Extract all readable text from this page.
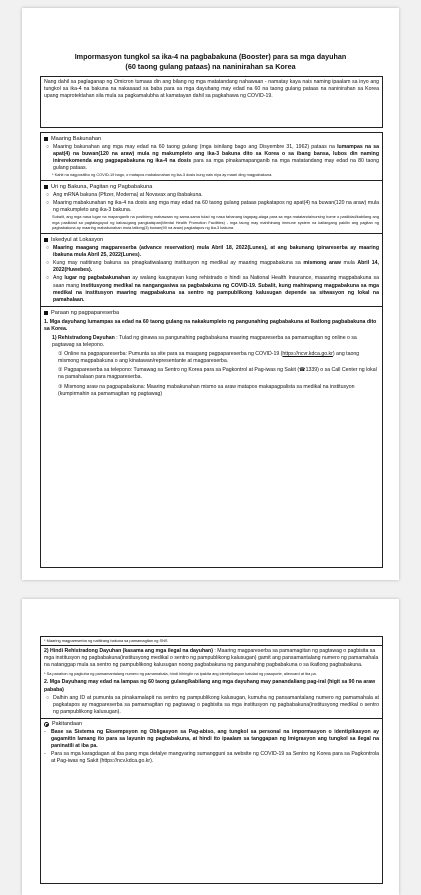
Impormasyon tungkol sa ika-4 na pagbabakuna (Booster) para sa mga dayuhan
(60 taong gulang pataas) na naninirahan sa Korea
Nang dahil sa paglaganap ng Omicron tumaas din ang bilang ng mga matatandang nahawaan - namatay kaya nais naming ipaalam sa inyo ang tungkol sa ika-4 na bakuna na nakasaad sa baba para sa mga dayuhang may edad na 60 na taong gulang pataas na naninirahan sa Korea upang maprotektahan sila mula sa pagkamalubha at kamatayan dahil sa pagkahawa ng COVID-19.
Maaring Bakunahan
○ Maaring bakunahan ang mga may edad na 60 taong gulang (mga isinilang bago ang Disyembre 31, 1962) pataas na lumampas na sa apat(4) na buwan(120 na araw) mula ng makumpleto ang ika-3 bakuna dito sa Korea o sa ibang bansa, lubos din naming inirerekomenda ang pagpapabakuna ng ika-4 na dosis para sa mga pinakamapanganib na mga matatandang may edad na 80 taong gulang pataas.
* Kahit na nagpositibo ng COVID-19 bago, o matapos mabakunahan ng ika-3 dosis kung nais niya ay maari ding magpabakuna.
Uri ng Bakuna, Pagitan ng Pagbabakuna
○ Ang mRNA bakuna (Pfizer, Moderna) at Novavax ang ibabakuna.
○ Maaring mabakunahan ng ika-4 na dosis ang mga may edad na 60 taong gulang pataas pagkatapos ng apat(4) na buwan(120 na araw) mula ng makumpleto ang ika-3 bakuna.
Subalit, ang mga nasa lugar na mapanganib na posibleng mahawaan ng sama-sama tulad ng nasa tahanang tagapag-alaga para sa mga matatanda/nursing home o pasilidad/kabilang ang mga pasilidad sa pagtataguyod ng kalusugang pangkaisipan(Mental Health Promotion Facilities) - mga taong may mahihinang immune system na kailangang pakilin ang pagitan ng pagbabakuna ay maaring mabakunahan mula tatlong(3) buwan(90 na araw) pagkatapos ng ika-3 bakuna.
Iskedyul at Lokasyon
○ Maaring maagang magpareserba (advance reservation) mula Abril 18, 2022(Lunes), at ang bakunang ipinareserba ay maaring ibakuna mula Abril 25, 2022(Lunes).
○ Kung may natitirang bakuna sa pinagkatiwalaang institusyon ng medikal ay maaring magpabakuna sa mismong araw mula Abril 14, 2022(Huwebes).
○ Ang lugar ng pagbabakunahan ay walang kaugnayan kung rehistrado o hindi sa National Health Insurance, maaaring magpabakuna sa saan mang institusyong medikal na nangangasiwa sa pagbabakuna ng COVID-19. Subalit, kung mahirapang magpabakuna sa mga medikal na institusyon maaring magpabakuna sa sentro ng pampublikong kalusugan depende sa sitwasyon ng lokal na pamahalaan.
Paraan ng pagpapareserba
1. Mga dayuhang lumampas sa edad na 60 taong gulang na nakakumpleto ng pangunahing pagbabakuna at Ikatlong pagbabakuna dito sa Korea.
1) Rehistradong Dayuhan : Tulad ng ginawa sa pangunahing pagbabakuna maaring magpareserba sa pamamagitan ng online o sa pagtawag sa telepono.
① Online na pagpapareserba: Pumunta sa site para sa maagang pagpapareserba ng COVID-19 (https://ncvr.kdca.go.kr) ang taong mismong magpabakuna o ang kinatawan/representante at magpareserba.
② Pagpapareserba sa telepono: Tumawag sa Sentro ng Korea para sa Pagkontrol at Pag-iwas ng Sakit (☎1339) o sa Call Center ng lokal na pamahalaan para magpareserba.
③ Mismong araw na pagpapabakuna: Maaring mabakunahan mismo sa araw matapos makapagpalista sa medikal na institusyon (kumpirmahin sa pamamagitan ng pagtawag)
* Maaring magpareserba ng natitirang bakuna sa pamamagitan ng SNS
2) Hindi Rehistradong Dayuhan (kasama ang mga ilegal na dayuhan) : Maaring magpareserba sa pamamagitan ng pagtawag o pagbisita sa mga institusyon ng pagbabakuna(institusyong medikal o sentro ng pampublikong kalusugan) gamit ang pansamantalang numero ng pamamahala na natanggap mula sa sentro ng pampublikong kalusugan noong pagbabakuna ng pangunahing pagbabakuna o sa ikatlong pagbabakuna.
* Sa panahon ng pagkuha ng pansamantalang numero ng pamamahala, hindi hihingiin na ipakita ang identipikasyon katulad ng pasaporte, aliencard at iba pa.
2. Mga Dayuhang may edad na lampas ng 60 taong gulang/kabilang ang mga dayuhang may panandaliang pag-iral (higit sa 90 na araw pababa)
○ Dalhin ang ID at pumunta sa pinakamalapit na sentro ng pampublikong kalusugan, kumuha ng pansamantalang numero ng pamamahala at pagkatapos ay magpareserba sa pamamagitan ng pagtawag o pagbisita sa mga institusyon ng pagbabakuna(institusyong medikal o sentro ng pampublikong kalusugan).
Pakitandaan
-	Base sa Sistema ng Eksempsyon ng Obligasyon sa Pag-abiso, ang tungkol sa personal na impormasyon o identipikasyon ay gagamitin lamang ito para sa layunin ng pagbabakuna, at hindi ito ipaalam sa tanggapan ng Imigrasyon ang tungkol sa ilegal na paninatili at iba pa.
-	Para sa mga karagdagan at iba pang mga detalye mangyaring sumangguni sa website ng COVID-19 sa Sentro ng Korea para sa Pagkontrola at Pag-iwas ng Sakit (https://ncv.kdca.go.kr).
